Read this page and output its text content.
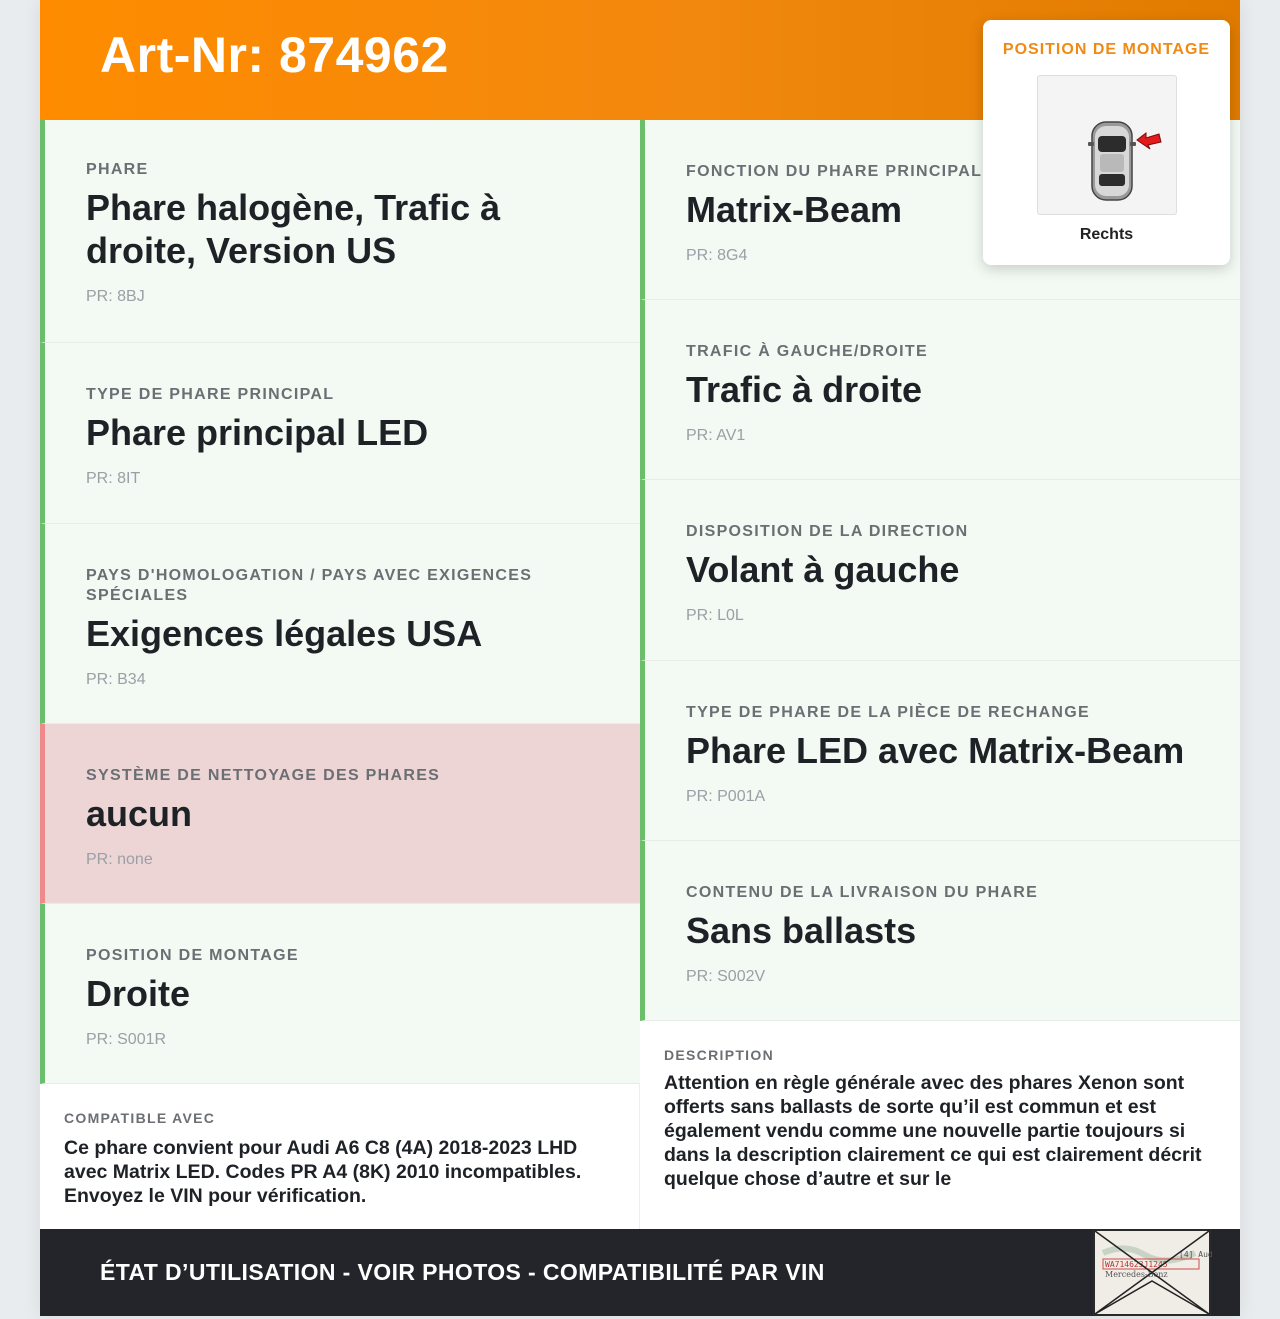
Art-Nr: 874962
PHARE
Phare halogène, Trafic à droite, Version US
PR: 8BJ
TYPE DE PHARE PRINCIPAL
Phare principal LED
PR: 8IT
PAYS D'HOMOLOGATION / PAYS AVEC EXIGENCES SPÉCIALES
Exigences légales USA
PR: B34
SYSTÈME DE NETTOYAGE DES PHARES
aucun
PR: none
POSITION DE MONTAGE
Droite
PR: S001R
FONCTION DU PHARE PRINCIPAL
Matrix-Beam
PR: 8G4
TRAFIC À GAUCHE/DROITE
Trafic à droite
PR: AV1
DISPOSITION DE LA DIRECTION
Volant à gauche
PR: L0L
TYPE DE PHARE DE LA PIÈCE DE RECHANGE
Phare LED avec Matrix-Beam
PR: P001A
CONTENU DE LA LIVRAISON DU PHARE
Sans ballasts
PR: S002V
COMPATIBLE AVEC
Ce phare convient pour Audi A6 C8 (4A) 2018-2023 LHD avec Matrix LED. Codes PR A4 (8K) 2010 incompatibles. Envoyez le VIN pour vérification.
DESCRIPTION
Attention en règle générale avec des phares Xenon sont offerts sans ballasts de sorte qu’il est commun et est également vendu comme une nouvelle partie toujours si dans la description clairement ce qui est clairement décrit quelque chose d’autre et sur le
ÉTAT D’UTILISATION - VOIR PHOTOS - COMPATIBILITÉ PAR VIN
[4] Aud
WA714623J1245
Mercedes-Benz
POSITION DE MONTAGE
Rechts
